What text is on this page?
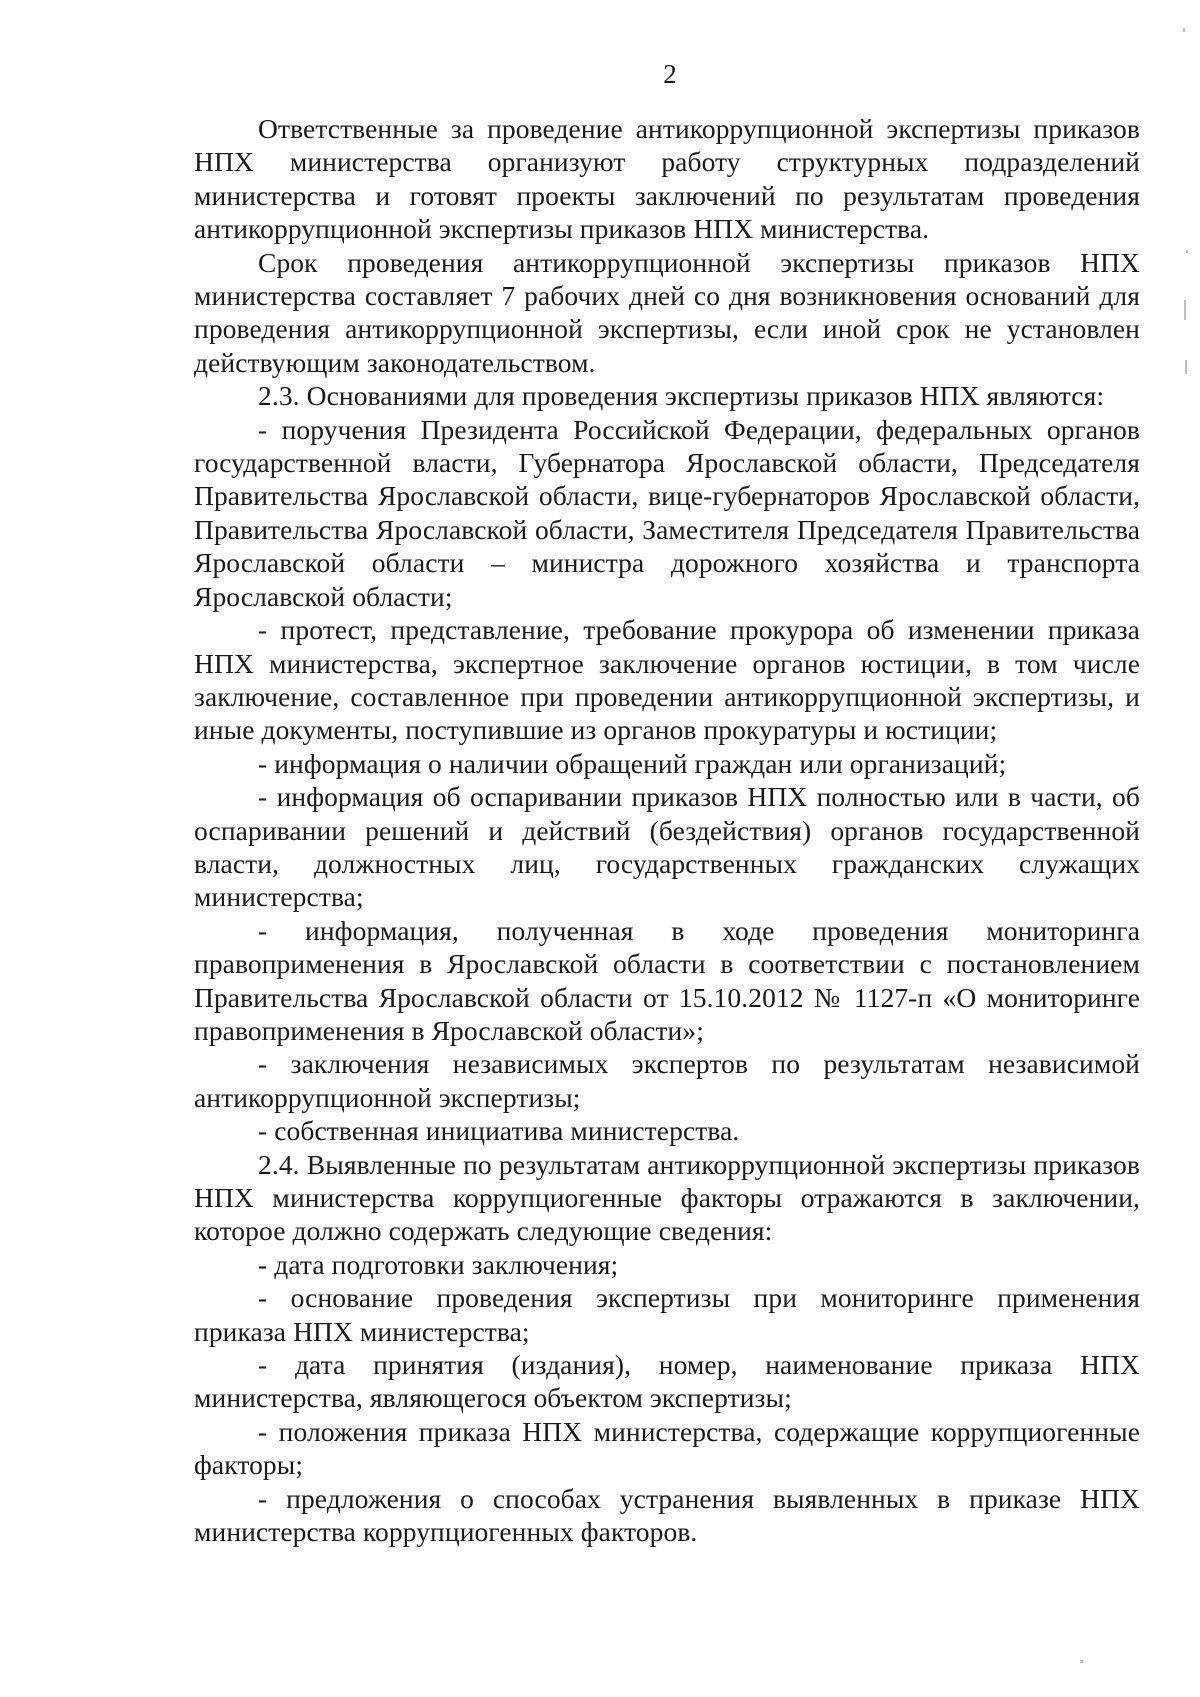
2

Ответственные за проведение антикоррупционной экспертизы приказов НПХ министерства организуют работу структурных подразделений министерства и готовят проекты заключений по результатам проведения антикоррупционной экспертизы приказов НПХ министерства.

Срок проведения антикоррупционной экспертизы приказов НПХ министерства составляет 7 рабочих дней со дня возникновения оснований для проведения антикоррупционной экспертизы, если иной срок не установлен действующим законодательством.

2.3. Основаниями для проведения экспертизы приказов НПХ являются:

- поручения Президента Российской Федерации, федеральных органов государственной власти, Губернатора Ярославской области, Председателя Правительства Ярославской области, вице-губернаторов Ярославской области, Правительства Ярославской области, Заместителя Председателя Правительства Ярославской области – министра дорожного хозяйства и транспорта Ярославской области;

- протест, представление, требование прокурора об изменении приказа НПХ министерства, экспертное заключение органов юстиции, в том числе заключение, составленное при проведении антикоррупционной экспертизы, и иные документы, поступившие из органов прокуратуры и юстиции;

- информация о наличии обращений граждан или организаций;

- информация об оспаривании приказов НПХ полностью или в части, об оспаривании решений и действий (бездействия) органов государственной власти, должностных лиц, государственных гражданских служащих министерства;

- информация, полученная в ходе проведения мониторинга правоприменения в Ярославской области в соответствии с постановлением Правительства Ярославской области от 15.10.2012 № 1127-п «О мониторинге правоприменения в Ярославской области»;

- заключения независимых экспертов по результатам независимой антикоррупционной экспертизы;

- собственная инициатива министерства.

2.4. Выявленные по результатам антикоррупционной экспертизы приказов НПХ министерства коррупциогенные факторы отражаются в заключении, которое должно содержать следующие сведения:

- дата подготовки заключения;

- основание проведения экспертизы при мониторинге применения приказа НПХ министерства;

- дата принятия (издания), номер, наименование приказа НПХ министерства, являющегося объектом экспертизы;

- положения приказа НПХ министерства, содержащие коррупциогенные факторы;

- предложения о способах устранения выявленных в приказе НПХ министерства коррупциогенных факторов.
